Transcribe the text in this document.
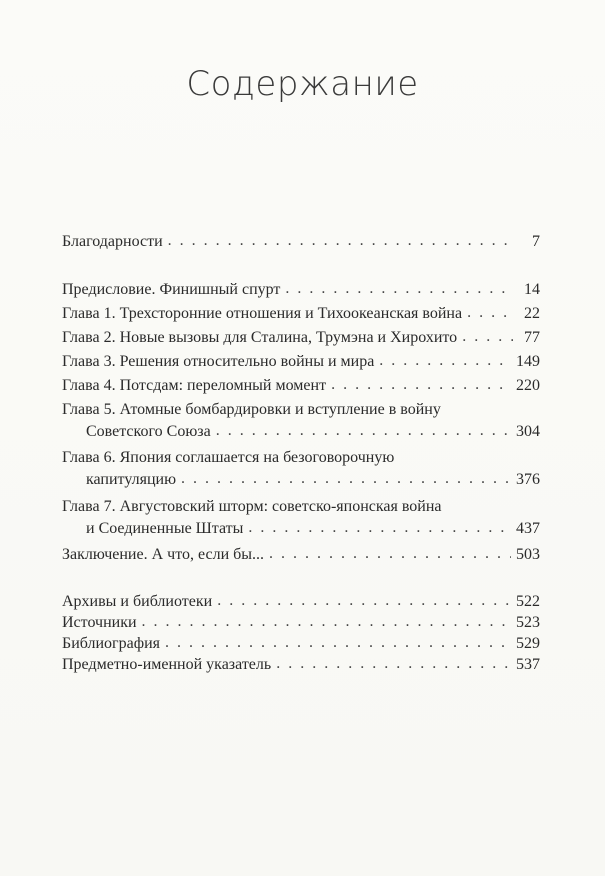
Содержание
Благодарности . . .	7
Предисловие. Финишный спурт . . .	14
Глава 1. Трехсторонние отношения и Тихоокеанская война . . .	22
Глава 2. Новые вызовы для Сталина, Трумэна и Хирохито . . .	77
Глава 3. Решения относительно войны и мира . . .	149
Глава 4. Потсдам: переломный момент . . .	220
Глава 5. Атомные бомбардировки и вступление в войну
Советского Союза . . .	304
Глава 6. Япония соглашается на безоговорочную
капитуляцию . . .	376
Глава 7. Августовский шторм: советско-японская война
и Соединенные Штаты . . .	437
Заключение. А что, если бы... . . .	503
Архивы и библиотеки . . .	522
Источники . . .	523
Библиография . . .	529
Предметно-именной указатель . . .	537
